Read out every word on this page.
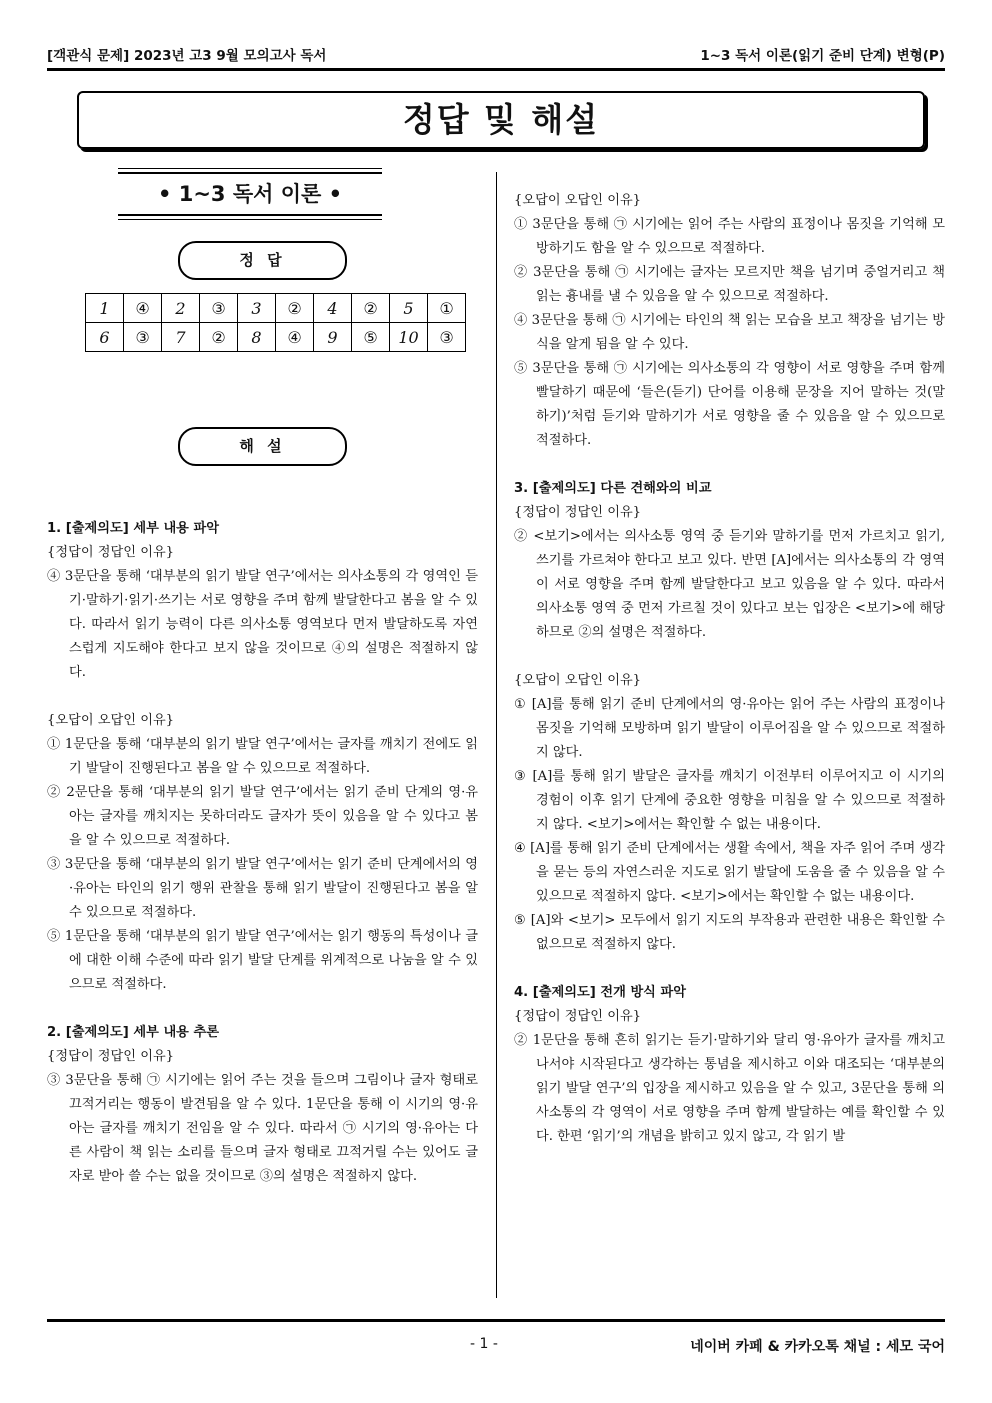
[객관식 문제] 2023년 고3 9월 모의고사 독서	1~3 독서 이론(읽기 준비 단계) 변형(P)
정답 및 해설
• 1~3 독서 이론 •
정 답
1	④	2	③	3	②	4	②	5	①
6	③	7	②	8	④	9	⑤	10	③
해 설
1. [출제의도] 세부 내용 파악
{정답이 정답인 이유}
④ 3문단을 통해 ‘대부분의 읽기 발달 연구’에서는 의사소통의 각 영역인 듣기·말하기·읽기·쓰기는 서로 영향을 주며 함께 발달한다고 봄을 알 수 있다. 따라서 읽기 능력이 다른 의사소통 영역보다 먼저 발달하도록 자연스럽게 지도해야 한다고 보지 않을 것이므로 ④의 설명은 적절하지 않다.
{오답이 오답인 이유}
① 1문단을 통해 ‘대부분의 읽기 발달 연구’에서는 글자를 깨치기 전에도 읽기 발달이 진행된다고 봄을 알 수 있으므로 적절하다.
② 2문단을 통해 ‘대부분의 읽기 발달 연구’에서는 읽기 준비 단계의 영·유아는 글자를 깨치지는 못하더라도 글자가 뜻이 있음을 알 수 있다고 봄을 알 수 있으므로 적절하다.
③ 3문단을 통해 ‘대부분의 읽기 발달 연구’에서는 읽기 준비 단계에서의 영·유아는 타인의 읽기 행위 관찰을 통해 읽기 발달이 진행된다고 봄을 알 수 있으므로 적절하다.
⑤ 1문단을 통해 ‘대부분의 읽기 발달 연구’에서는 읽기 행동의 특성이나 글에 대한 이해 수준에 따라 읽기 발달 단계를 위계적으로 나눔을 알 수 있으므로 적절하다.
2. [출제의도] 세부 내용 추론
{정답이 정답인 이유}
③ 3문단을 통해 ㉠ 시기에는 읽어 주는 것을 들으며 그림이나 글자 형태로 끄적거리는 행동이 발견됨을 알 수 있다. 1문단을 통해 이 시기의 영·유아는 글자를 깨치기 전임을 알 수 있다. 따라서 ㉠ 시기의 영·유아는 다른 사람이 책 읽는 소리를 들으며 글자 형태로 끄적거릴 수는 있어도 글자로 받아 쓸 수는 없을 것이므로 ③의 설명은 적절하지 않다.
{오답이 오답인 이유}
① 3문단을 통해 ㉠ 시기에는 읽어 주는 사람의 표정이나 몸짓을 기억해 모방하기도 함을 알 수 있으므로 적절하다.
② 3문단을 통해 ㉠ 시기에는 글자는 모르지만 책을 넘기며 중얼거리고 책 읽는 흉내를 낼 수 있음을 알 수 있으므로 적절하다.
④ 3문단을 통해 ㉠ 시기에는 타인의 책 읽는 모습을 보고 책장을 넘기는 방식을 알게 됨을 알 수 있다.
⑤ 3문단을 통해 ㉠ 시기에는 의사소통의 각 영향이 서로 영향을 주며 함께 빨달하기 때문에 ‘들은(듣기) 단어를 이용해 문장을 지어 말하는 것(말하기)’처럼 듣기와 말하기가 서로 영향을 줄 수 있음을 알 수 있으므로 적절하다.
3. [출제의도] 다른 견해와의 비교
{정답이 정답인 이유}
② <보기>에서는 의사소통 영역 중 듣기와 말하기를 먼저 가르치고 읽기, 쓰기를 가르쳐야 한다고 보고 있다. 반면 [A]에서는 의사소통의 각 영역이 서로 영향을 주며 함께 발달한다고 보고 있음을 알 수 있다. 따라서 의사소통 영역 중 먼저 가르칠 것이 있다고 보는 입장은 <보기>에 해당하므로 ②의 설명은 적절하다.
{오답이 오답인 이유}
① [A]를 통해 읽기 준비 단계에서의 영·유아는 읽어 주는 사람의 표정이나 몸짓을 기억해 모방하며 읽기 발달이 이루어짐을 알 수 있으므로 적절하지 않다.
③ [A]를 통해 읽기 발달은 글자를 깨치기 이전부터 이루어지고 이 시기의 경험이 이후 읽기 단계에 중요한 영향을 미침을 알 수 있으므로 적절하지 않다. <보기>에서는 확인할 수 없는 내용이다.
④ [A]를 통해 읽기 준비 단계에서는 생활 속에서, 책을 자주 읽어 주며 생각을 묻는 등의 자연스러운 지도로 읽기 발달에 도움을 줄 수 있음을 알 수 있으므로 적절하지 않다. <보기>에서는 확인할 수 없는 내용이다.
⑤ [A]와 <보기> 모두에서 읽기 지도의 부작용과 관련한 내용은 확인할 수 없으므로 적절하지 않다.
4. [출제의도] 전개 방식 파악
{정답이 정답인 이유}
② 1문단을 통해 흔히 읽기는 듣기·말하기와 달리 영·유아가 글자를 깨치고 나서야 시작된다고 생각하는 통념을 제시하고 이와 대조되는 ‘대부분의 읽기 발달 연구’의 입장을 제시하고 있음을 알 수 있고, 3문단을 통해 의사소통의 각 영역이 서로 영향을 주며 함께 발달하는 예를 확인할 수 있다. 한편 ‘읽기’의 개념을 밝히고 있지 않고, 각 읽기 발
- 1 -	네이버 카페 & 카카오톡 채널 : 세모 국어
